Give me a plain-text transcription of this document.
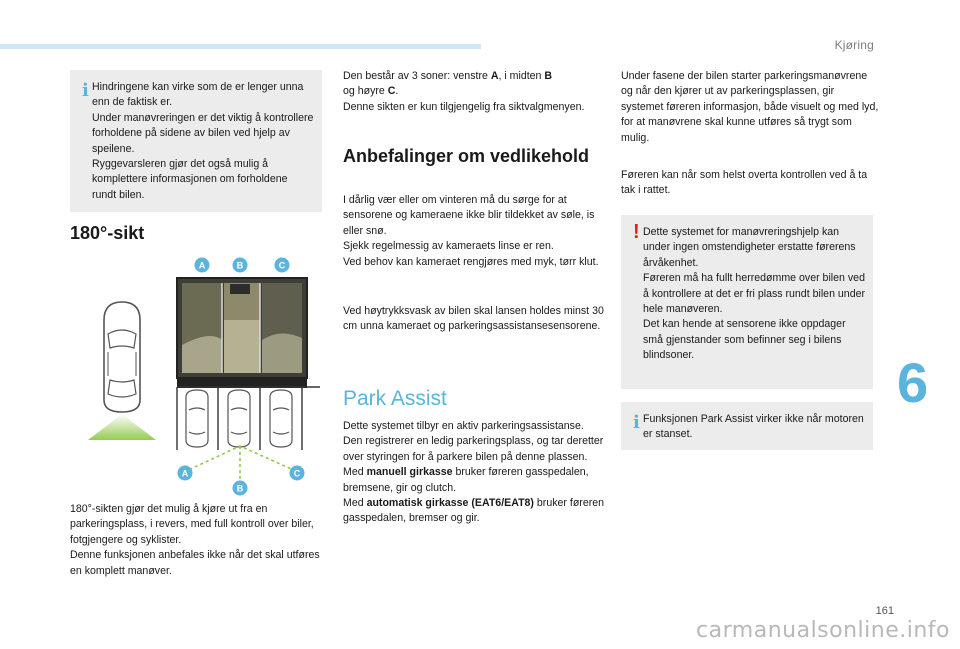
Kjøring
6
i Hindringene kan virke som de er lenger unna enn de faktisk er.
Under manøvreringen er det viktig å kontrollere forholdene på sidene av bilen ved hjelp av speilene.
Ryggevarsleren gjør det også mulig å komplettere informasjonen om forholdene rundt bilen.
180°-sikt
A	B	C
A
B
C
180°-sikten gjør det mulig å kjøre ut fra en parkeringsplass, i revers, med full kontroll over biler, fotgjengere og syklister.
Denne funksjonen anbefales ikke når det skal utføres en komplett manøver.
Den består av 3 soner: venstre A, i midten B
og høyre C.
Denne sikten er kun tilgjengelig fra siktvalgmenyen.
Anbefalinger om vedlikehold
I dårlig vær eller om vinteren må du sørge for at sensorene og kameraene ikke blir tildekket av søle, is eller snø.
Sjekk regelmessig av kameraets linse er ren.
Ved behov kan kameraet rengjøres med myk, tørr klut.
Ved høytrykksvask av bilen skal lansen holdes minst 30 cm unna kameraet og parkeringsassistansesensorene.
Park Assist
Dette systemet tilbyr en aktiv parkeringsassistanse. Den registrerer en ledig parkeringsplass, og tar deretter over styringen for å parkere bilen på denne plassen.
Med manuell girkasse bruker føreren gasspedalen, bremsene, gir og clutch.
Med automatisk girkasse (EAT6/EAT8) bruker føreren gasspedalen, bremser og gir.
Under fasene der bilen starter parkeringsmanøvrene og når den kjører ut av parkeringsplassen, gir systemet føreren informasjon, både visuelt og med lyd, for at manøvrene skal kunne utføres så trygt som mulig.
Føreren kan når som helst overta kontrollen ved å ta tak i rattet.
! Dette systemet for manøvreringshjelp kan under ingen omstendigheter erstatte førerens årvåkenhet.
Føreren må ha fullt herredømme over bilen ved å kontrollere at det er fri plass rundt bilen under hele manøveren.
Det kan hende at sensorene ikke oppdager små gjenstander som befinner seg i bilens blindsoner.
i Funksjonen Park Assist virker ikke når motoren er stanset.
161
carmanualsonline.info
